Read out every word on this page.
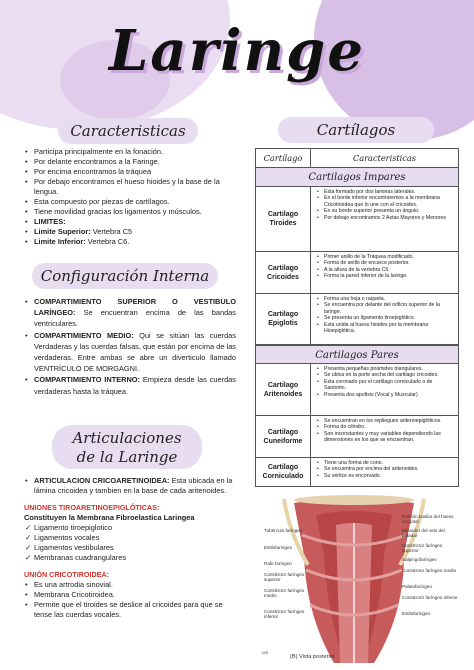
Laringe
Caracteristicas
• Participa principalmente en la fonación.
• Por delante encontramos a la Faringe.
• Por encima encontramos la tráquea
• Por debajo encontramos el hueso hioides y la base de la lengua.
• Esta compuesto por piezas de cartílagos.
• Tiene movilidad gracias los ligamentos y músculos.
• LIMITES:
• Limite Superior: Vertebra C5
• Limite Inferior: Vertebra C6.
Configuración Interna
• COMPARTIMIENTO SUPERIOR O VESTIBULO LARÍNGEO: Se encuentran encima de las bandas ventriculares.
• COMPARTIMIENTO MEDIO: Qui se sitúan las cuerdas Verdaderas y las cuerdas falsas, que están por encima de las verdaderas. Entre ambas se abre un diverticulo llamado VENTRÍCULO DE MORGAGNI.
• COMPARTIMIENTO INTERNO: Empieza desde las cuerdas verdaderas hasta la tráquea.
Articulaciones
de la Laringe
• ARTICULACION CRICOARETINOIDEA: Esta ubicada en la lámina cricoidea y tambien en la base de cada aritenoides.
UNIONES TIROARETINOEPIGLÓTICAS:
Constituyen la Membrana Fibroelastica Laringea
✓ Ligamento tiroepiglotico
✓ Ligamentos vocales
✓ Ligamentos vestibulares
✓ Membranas cuadrangulares
UNIÓN CRICOTIROIDEA:
• Es una artrodia sinovial.
• Membrana Cricotiroidea.
• Permite que el tiroides se deslice al cricoides para que se tense las cuerdas vocales.
Cartílagos
Cartílago	Caracteristicas
Cartilagos Impares
Cartilago Tiroides
• Esta formado por dos laminas laterales.
• En el borde inferior encontraremos a la membrana Cricotiroidea que lo une con el cricoides.
• En su borde superior presenta un ángulo.
• Por debajo encontramos 2 Astas Mayores y Menores
Cartilago Cricoides
• Primer anillo de la Tráquea modificado.
• Forma de anillo de encarce posterior.
• A la altura de la vertebra C6.
• Forma la pared inferior de la laringe.
Cartilago Epiglotis
• Forma una hoja o raqueta.
• Se encuentra por delante del orificio superior de la laringe.
• Se presenta un ligamento tiroepiglótico.
• Esta unida al hueso hioides por la membrana Hioepiglótica.
Cartilagos Pares
Cartilago Aritenoides
• Presenta pequeñas pirámides triangulares.
• Se ubica en la porte ancha del cartilago cricoides.
• Esta coronado por el cartilago corniculado o de Santorini.
• Presenta dos apofisis (Vocal y Muscular)
Cartilago Cuneiforme
• Se encuentran en los repliegues aritenoepiglóticos.
• Forma de cilindro.
• Son inconstantes y muy variables dependiendo las dimensiones en los que se encuentran.
Cartilago Corniculado
• Tiene una forma de cono.
• Se encuentra por encima del aritenoides.
• Su vértice es encorvado.
Tubérculo faríngeo
Estilofaríngeo
Rafe faríngeo
Constrictor faríngeo superior
Constrictor faríngeo medio
Constrictor faríngeo inferior
Porción basilar del hueso occipital
Elevador del velo del paladar
Constrictor faríngeo superior
Salpingofaríngeo
Constrictor faríngeo medio
Palatofaríngeo
Constrictor faríngeo inferior
Estilofaríngeo
uni
(B) Vista posterior
